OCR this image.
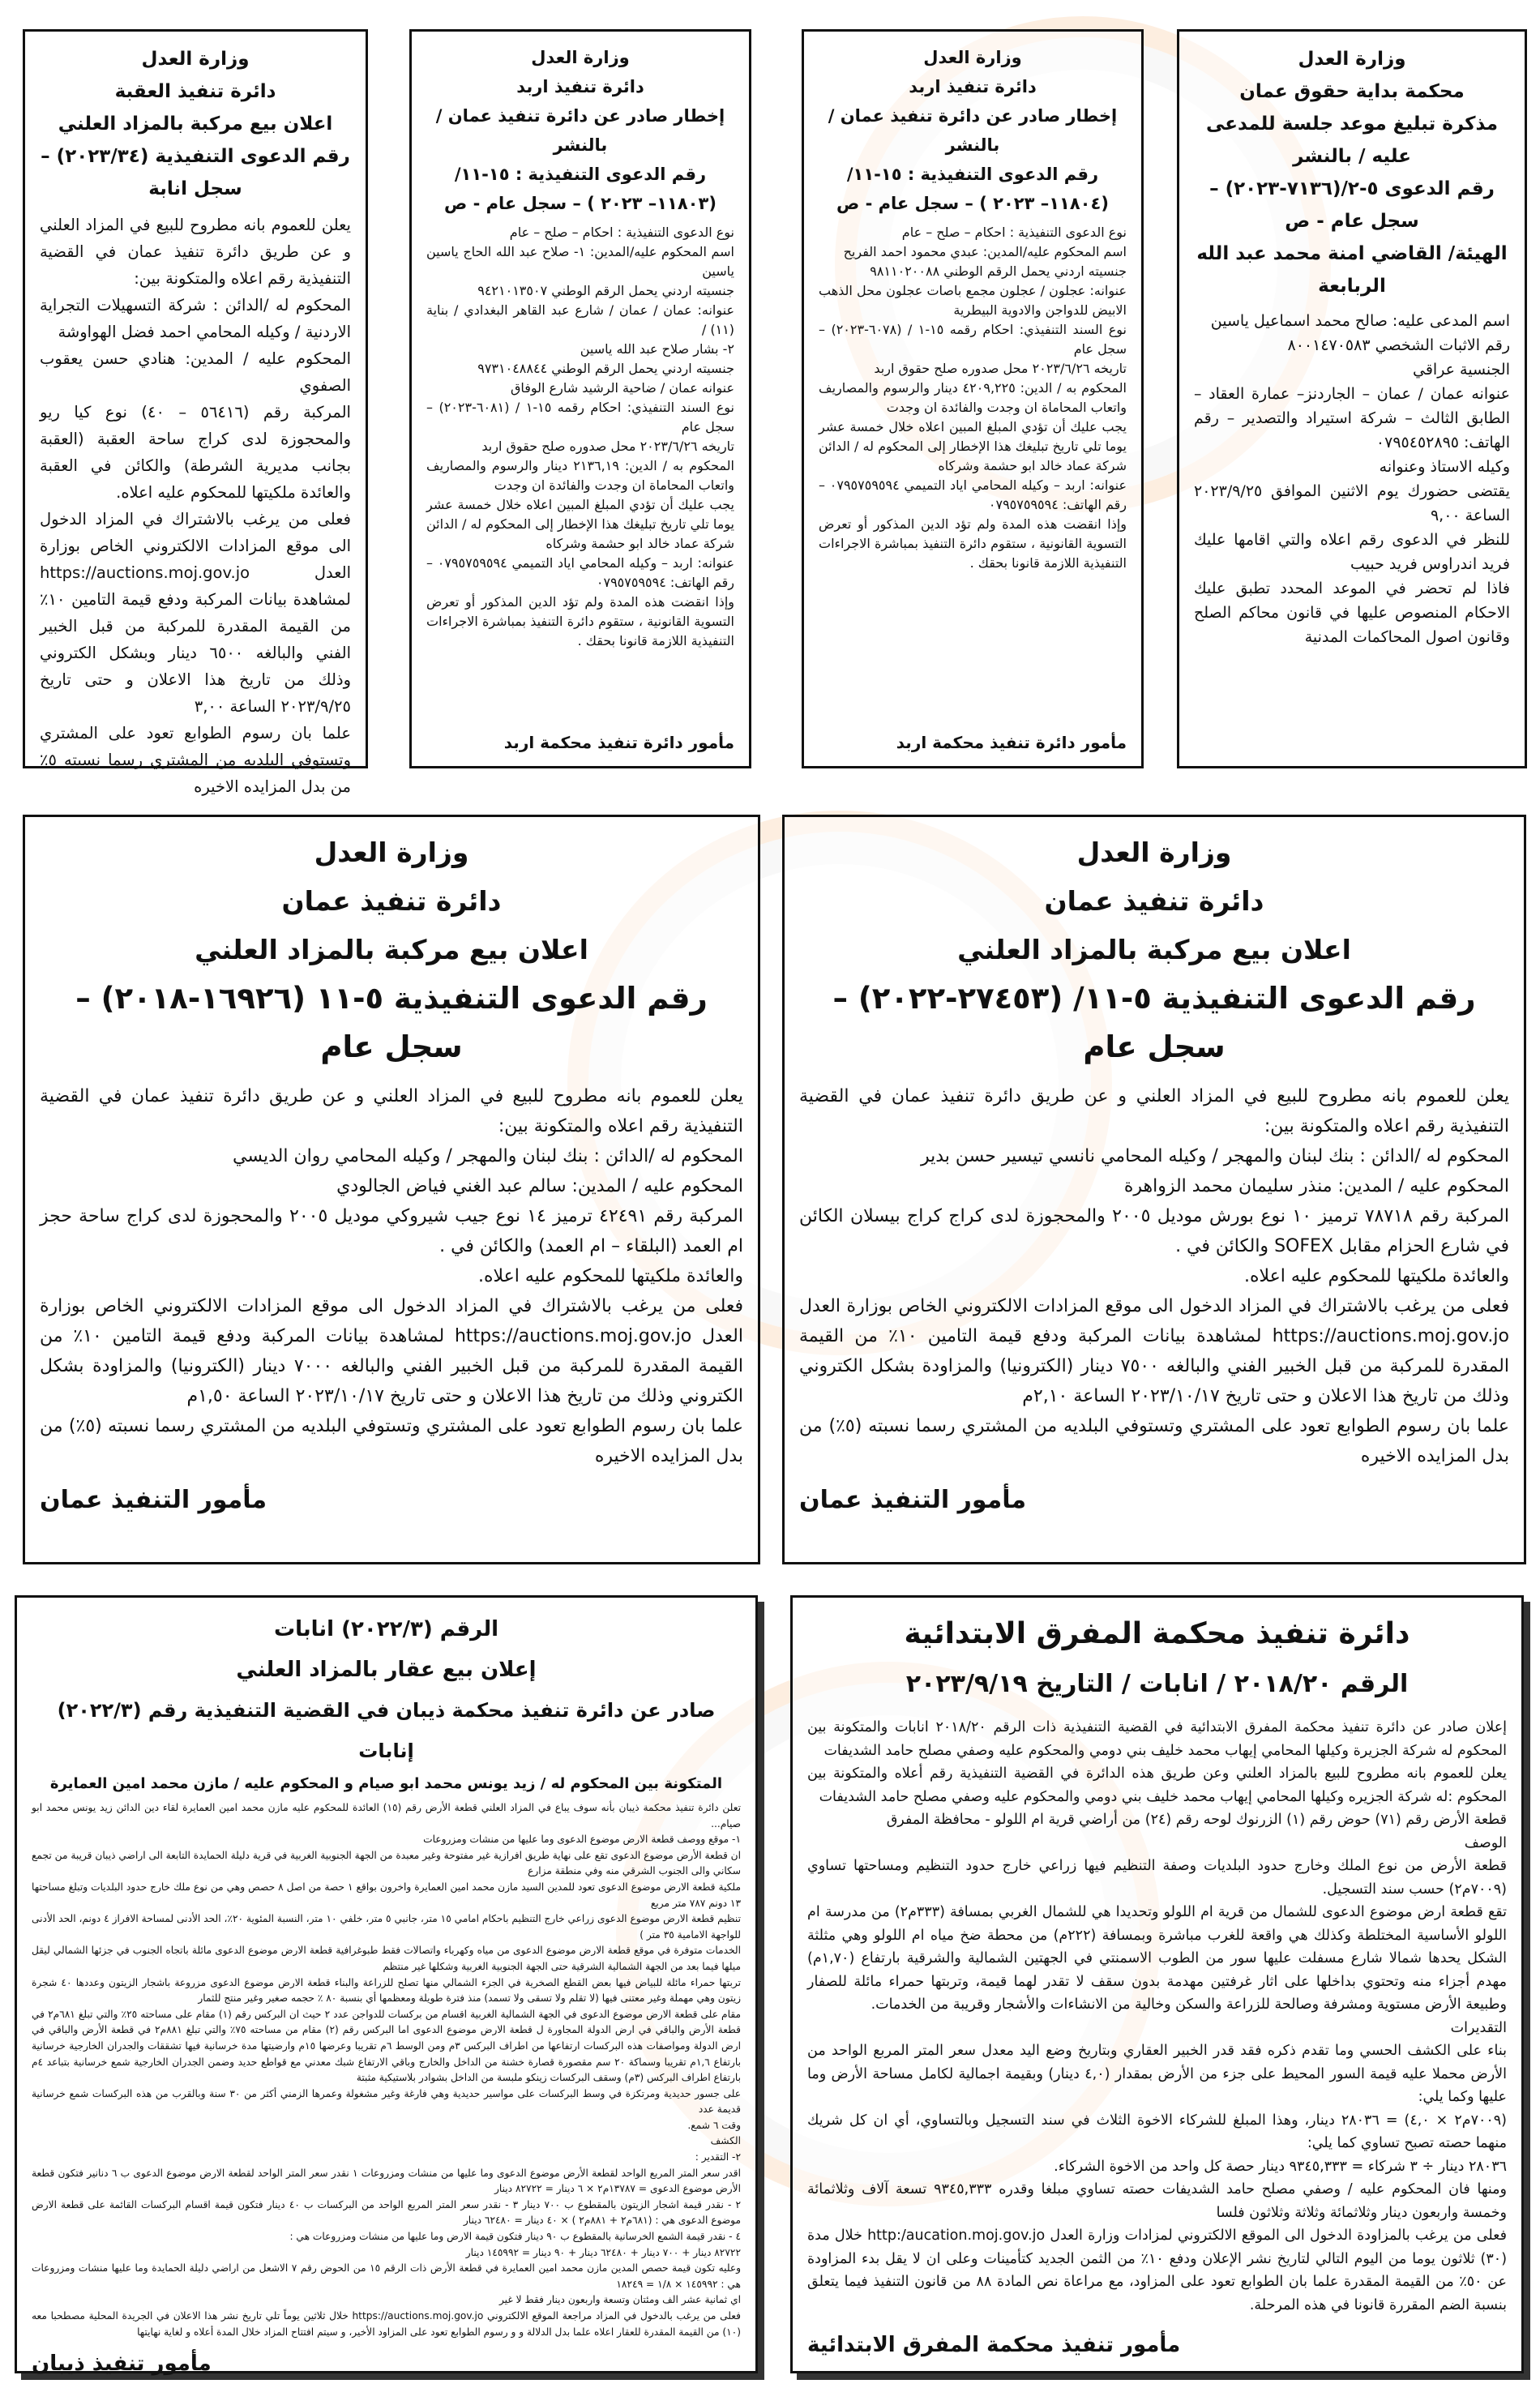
وزارة العدل

محكمة بداية حقوق عمان

مذكرة تبليغ موعد جلسة للمدعى عليه / بالنشر

رقم الدعوى ٥-٢/(٧١٣٦-٢٠٢٣) –

سجل عام - ص

الهيئة/ القاضي امنة محمد عبد الله الربابعة

اسم المدعى عليه: صالح محمد اسماعيل ياسين

رقم الاثبات الشخصي ٨٠٠١٤٧٠٥٨٣

الجنسية عراقي

عنوانه عمان / عمان – الجاردنز– عمارة العقاد – الطابق الثالث – شركة استيراد والتصدير – رقم الهاتف: ٠٧٩٥٤٥٢٨٩٥

وكيله الاستاذ وعنوانه

يقتضى حضورك يوم الاثنين الموافق ٢٠٢٣/٩/٢٥ الساعة ٩,٠٠

للنظر في الدعوى رقم اعلاه والتي اقامها عليك فريد اندراوس فريد حبيب

فاذا لم تحضر في الموعد المحدد تطبق عليك الاحكام المنصوص عليها في قانون محاكم الصلح وقانون اصول المحاكمات المدنية

وزارة العدل

دائرة تنفيذ اربد

إخطار صادر عن دائرة تنفيذ عمان / بالنشر

رقم الدعوى التنفيذية : ١٥-١١/

(١١٨٠٤– ٢٠٢٣ ) – سجل عام - ص

نوع الدعوى التنفيذية : احكام – صلح – عام

اسم المحكوم عليه/المدين: عبدي محمود احمد الفريح

جنسيته اردني يحمل الرقم الوطني ٩٨١١٠٢٠٠٨٨

عنوانه: عجلون / عجلون مجمع باصات عجلون محل الذهب الابيض للدواجن والادوية البيطرية

نوع السند التنفيذي: احكام رقمه ١٥-١ / (٦٠٧٨-٢٠٢٣) – سجل عام

تاريخه ٢٠٢٣/٦/٢٦ محل صدوره صلح حقوق اربد

المحكوم به / الدين: ٤٢٠٩,٢٢٥ دينار والرسوم والمصاريف واتعاب المحاماة ان وجدت والفائدة ان وجدت

يجب عليك أن تؤدي المبلغ المبين اعلاه خلال خمسة عشر يوما تلي تاريخ تبليغك هذا الإخطار إلى المحكوم له / الدائن شركة عماد خالد ابو حشمة وشركاه

عنوانه: اربد – وكيله المحامي اياد التميمي ٠٧٩٥٧٥٩٥٩٤ – رقم الهاتف: ٠٧٩٥٧٥٩٥٩٤

وإذا انقضت هذه المدة ولم تؤد الدين المذكور أو تعرض التسوية القانونية ، ستقوم دائرة التنفيذ بمباشرة الاجراءات التنفيذية اللازمة قانونا بحقك .

مأمور دائرة تنفيذ محكمة اربد

وزارة العدل

دائرة تنفيذ اربد

إخطار صادر عن دائرة تنفيذ عمان / بالنشر

رقم الدعوى التنفيذية : ١٥-١١/

(١١٨٠٣– ٢٠٢٣ ) – سجل عام - ص

نوع الدعوى التنفيذية : احكام – صلح – عام

اسم المحكوم عليه/المدين: ١- صلاح عبد الله الحاج ياسين ياسين

جنسيته اردني يحمل الرقم الوطني ٩٤٢١٠١٣٥٠٧

عنوانه: عمان / عمان / شارع عبد القاهر البغدادي / بناية (١١) /

٢- بشار صلاح عبد الله ياسين

جنسيته اردني يحمل الرقم الوطني ٩٧٣١٠٤٨٨٤٤

عنوانه عمان / ضاحية الرشيد شارع الوفاق

نوع السند التنفيذي: احكام رقمه ١٥-١ / (٦٠٨١-٢٠٢٣) – سجل عام

تاريخه ٢٠٢٣/٦/٢٦ محل صدوره صلح حقوق اربد

المحكوم به / الدين: ٢١٣٦,١٩ دينار والرسوم والمصاريف واتعاب المحاماة ان وجدت والفائدة ان وجدت

يجب عليك أن تؤدي المبلغ المبين اعلاه خلال خمسة عشر يوما تلي تاريخ تبليغك هذا الإخطار إلى المحكوم له / الدائن شركة عماد خالد ابو حشمة وشركاه

عنوانه: اربد – وكيله المحامي اياد التميمي ٠٧٩٥٧٥٩٥٩٤ – رقم الهاتف: ٠٧٩٥٧٥٩٥٩٤

وإذا انقضت هذه المدة ولم تؤد الدين المذكور أو تعرض التسوية القانونية ، ستقوم دائرة التنفيذ بمباشرة الاجراءات التنفيذية اللازمة قانونا بحقك .

مأمور دائرة تنفيذ محكمة اربد

وزارة العدل

دائرة تنفيذ العقبة

اعلان بيع مركبة بالمزاد العلني

رقم الدعوى التنفيذية (٢٠٢٣/٣٤) –

سجل انابة

يعلن للعموم بانه مطروح للبيع في المزاد العلني و عن طريق دائرة تنفيذ عمان في القضية التنفيذية رقم اعلاه والمتكونة بين:

المحكوم له /الدائن : شركة التسهيلات التجراية الاردنية / وكيله المحامي احمد فضل الهواوشة

المحكوم عليه / المدين: هنادي حسن يعقوب الصفوي

المركبة رقم (٥٦٤١٦ – ٤٠) نوع كيا ريو والمحجوزة لدى كراج ساحة العقبة (العقبة بجانب مديرية الشرطة) والكائن في العقبة والعائدة ملكيتها للمحكوم عليه اعلاه.

فعلى من يرغب بالاشتراك في المزاد الدخول الى موقع المزادات الالكتروني الخاص بوزارة العدل https://auctions.moj.gov.jo لمشاهدة بيانات المركبة ودفع قيمة التامين ١٠٪ من القيمة المقدرة للمركبة من قبل الخبير الفني والبالغه ٦٥٠٠ دينار وبشكل الكتروني وذلك من تاريخ هذا الاعلان و حتى تاريخ ٢٠٢٣/٩/٢٥ الساعة ٣,٠٠

علما بان رسوم الطوابع تعود على المشتري وتستوفي البلديه من المشتري رسما نسبته ٥٪ من بدل المزايده الاخيره

وزارة العدل

دائرة تنفيذ عمان

اعلان بيع مركبة بالمزاد العلني

رقم الدعوى التنفيذية ٥-١١/ (٢٧٤٥٣-٢٠٢٢) – سجل عام

يعلن للعموم بانه مطروح للبيع في المزاد العلني و عن طريق دائرة تنفيذ عمان في القضية التنفيذية رقم اعلاه والمتكونة بين:

المحكوم له /الدائن : بنك لبنان والمهجر / وكيله المحامي نانسي تيسير حسن بدير

المحكوم عليه / المدين: منذر سليمان محمد الزواهرة

المركبة رقم ٧٨٧١٨ ترميز ١٠ نوع بورش موديل ٢٠٠٥ والمحجوزة لدى كراج كراج بيسلان الكائن في شارع الحزام مقابل SOFEX والكائن في .

والعائدة ملكيتها للمحكوم عليه اعلاه.

فعلى من يرغب بالاشتراك في المزاد الدخول الى موقع المزادات الالكتروني الخاص بوزارة العدل https://auctions.moj.gov.jo لمشاهدة بيانات المركبة ودفع قيمة التامين ١٠٪ من القيمة المقدرة للمركبة من قبل الخبير الفني والبالغه ٧٥٠٠ دينار (الكترونيا) والمزاودة بشكل الكتروني وذلك من تاريخ هذا الاعلان و حتى تاريخ ٢٠٢٣/١٠/١٧ الساعة ٢,١٠م

علما بان رسوم الطوابع تعود على المشتري وتستوفي البلديه من المشتري رسما نسبته (٥٪) من بدل المزايده الاخيره

مأمور التنفيذ عمان

وزارة العدل

دائرة تنفيذ عمان

اعلان بيع مركبة بالمزاد العلني

رقم الدعوى التنفيذية ٥-١١ (١٦٩٢٦-٢٠١٨) – سجل عام

يعلن للعموم بانه مطروح للبيع في المزاد العلني و عن طريق دائرة تنفيذ عمان في القضية التنفيذية رقم اعلاه والمتكونة بين:

المحكوم له /الدائن : بنك لبنان والمهجر / وكيله المحامي روان الديسي

المحكوم عليه / المدين: سالم عبد الغني فياض الجالودي

المركبة رقم ٤٢٤٩١ ترميز ١٤ نوع جيب شيروكي موديل ٢٠٠٥ والمحجوزة لدى كراج ساحة حجز ام العمد (البلقاء – ام العمد) والكائن في .

والعائدة ملكيتها للمحكوم عليه اعلاه.

فعلى من يرغب بالاشتراك في المزاد الدخول الى موقع المزادات الالكتروني الخاص بوزارة العدل https://auctions.moj.gov.jo لمشاهدة بيانات المركبة ودفع قيمة التامين ١٠٪ من القيمة المقدرة للمركبة من قبل الخبير الفني والبالغه ٧٠٠٠ دينار (الكترونيا) والمزاودة بشكل الكتروني وذلك من تاريخ هذا الاعلان و حتى تاريخ ٢٠٢٣/١٠/١٧ الساعة ١,٥٠م

علما بان رسوم الطوابع تعود على المشتري وتستوفي البلديه من المشتري رسما نسبته (٥٪) من بدل المزايده الاخيره

مأمور التنفيذ عمان

دائرة تنفيذ محكمة المفرق الابتدائية

الرقم ٢٠١٨/٢٠ / انابات / التاريخ ٢٠٢٣/٩/١٩

إعلان صادر عن دائرة تنفيذ محكمة المفرق الابتدائية في القضية التنفيذية ذات الرقم ٢٠١٨/٢٠ انابات والمتكونة بين المحكوم له شركة الجزيرة وكيلها المحامي إيهاب محمد خليف بني دومي والمحكوم عليه وصفي مصلح حامد الشديفات

يعلن للعموم بانه مطروح للبيع بالمزاد العلني وعن طريق هذه الدائرة في القضية التنفيذية رقم أعلاه والمتكونة بين المحكوم :له شركة الجزيره وكيلها المحامي إيهاب محمد خليف بني دومي والمحكوم عليه وصفي مصلح حامد الشديفات

قطعة الأرض رقم (٧١) حوض رقم (١) الزرنوك لوحه رقم (٢٤) من أراضي قرية ام اللولو - محافظة المفرق

الوصف

قطعة الأرض من نوع الملك وخارج حدود البلديات وصفة التنظيم فيها زراعي خارج حدود التنظيم ومساحتها تساوي (٧٠٠٩م٢) حسب سند التسجيل.

تقع قطعة ارض موضوع الدعوى للشمال من قرية ام اللولو وتحديدا هي للشمال الغربي بمسافة (٣٣٣م٢) من مدرسة ام اللولو الأساسية المختلطة وكذلك هي واقعة للغرب مباشرة وبمسافة (٢٢٢م) من محطة ضخ مياه ام اللولو وهي مثلثة الشكل يحدها شمالا شارع مسفلت عليها سور من الطوب الاسمنتي في الجهتين الشمالية والشرقية بارتفاع (١,٧٠م) مهدم أجزاء منه وتحتوي بداخلها على اثار غرفتين مهدمة بدون سقف لا تقدر لهما قيمة، وتربتها حمراء مائلة للصفار وطبيعة الأرض مستوية ومشرفة وصالحة للزراعة والسكن وخالية من الانشاءات والأشجار وقريبة من الخدمات.

التقديرات

بناء على الكشف الحسي وما تقدم ذكره فقد قدر الخبير العقاري وبتاريخ وضع اليد معدل سعر المتر المربع الواحد من الأرض محملا عليه قيمة السور المحيط على جزء من الأرض بمقدار (٤,٠ دينار) وبقيمة اجمالية لكامل مساحة الأرض وما عليها وكما يلي:

(٧٠٠٩م٢ × ٤,٠) = ٢٨٠٣٦ دينار، وهذا المبلغ للشركاء الاخوة الثلاث في سند التسجيل وبالتساوي، أي ان كل شريك منهما حصته تصبح تساوي كما يلي:

٢٨٠٣٦ دينار ÷ ٣ شركاء = ٩٣٤٥,٣٣٣ دينار حصة كل واحد من الاخوة الشركاء.

ومنها فان المحكوم عليه / وصفي مصلح حامد الشديفات حصته تساوي مبلغا وقدره ٩٣٤٥,٣٣٣ تسعة آلاف وثلاثمائة وخمسة واربعون دينار وثلاثمائة وثلاثة وثلاثون فلسا

فعلى من يرغب بالمزاودة الدخول الى الموقع الالكتروني لمزادات وزارة العدل http:/aucation.moj.gov.jo خلال مدة (٣٠) ثلاثون يوما من اليوم التالي لتاريخ نشر الإعلان ودفع ١٠٪ من الثمن الجديد كتأمينات وعلى ان لا يقل بدء المزاودة عن ٥٠٪ من القيمة المقدرة علما بان الطوابع تعود على المزاود، مع مراعاة نص المادة ٨٨ من قانون التنفيذ فيما يتعلق بنسبة الضم المقررة قانونا في هذه المرحلة.

مأمور تنفيذ محكمة المفرق الابتدائية

الرقم (٢٠٢٢/٣) انابات

إعلان بيع عقار بالمزاد العلني

صادر عن دائرة تنفيذ محكمة ذيبان في القضية التنفيذية رقم (٢٠٢٢/٣) إنابات

المتكونة بين المحكوم له / زيد يونس محمد ابو صيام و المحكوم عليه / مازن محمد امين العمايرة

تعلن دائرة تنفيذ محكمة ذيبان بأنه سوف يباع في المزاد العلني قطعة الأرض رقم (١٥) العائدة للمحكوم عليه مازن محمد امين العمايرة لقاء دين الدائن زيد يونس محمد ابو صيام...

١- موقع ووصف قطعة الارض موضوع الدعوى وما عليها من منشات ومزروعات

ان قطعة الأرض موضوع الدعوى تقع على نهاية طريق افرازية غير مفتوحة وغير معبدة من الجهة الجنوبية الغربية في قرية دليلة الحمايدة التابعة الى اراضي ذيبان قريبة من تجمع سكاني والى الجنوب الشرقي منه وفي منطقة مزارع

ملكية قطعة الارض موضوع الدعوى تعود للمدين السيد مازن محمد امين العمايرة واخرون بواقع ١ حصة من اصل ٨ حصص وهي من نوع ملك خارج حدود البلديات وتبلغ مساحتها ١٣ دونم ٧٨٧ متر مربع

تنظيم قطعة الارض موضوع الدعوى زراعي خارج التنظيم باحكام امامي ١٥ متر، جانبي ٥ متر، خلفي ١٠ متر، النسبة المئوية ٢٠٪، الحد الأدنى لمساحة الافراز ٤ دونم، الحد الأدنى للواجهة الامامية ٣٥ متر )

الخدمات متوفرة في موقع قطعة الارض موضوع الدعوى من مياه وكهرباء واتصالات فقط طبوغرافية قطعة الارض موضوع الدعوى مائلة باتجاه الجنوب في جزئها الشمالي ليقل ميلها فيما بعد من الجهة الشمالية الشرقية حتى الجهة الجنوبية الغربية وشكلها غير منتظم

تربتها حمراء مائلة للبياض فيها بعض القطع الصخرية في الجزء الشمالي منها تصلح للزراعة والبناء قطعة الارض موضوع الدعوى مزروعة باشجار الزيتون وعددها ٤٠ شجرة زيتون وهي مهملة وغير معتنى فيها (لا تقلم ولا تسقى ولا تسمد) منذ فترة طويلة ومعظمها أي بنسبة ٨٠ ٪ حجمه صغير وغير منتج للثمار

مقام على قطعة الارض موضوع الدعوى في الجهة الشمالية الغربية اقسام من بركسات للدواجن عدد ٢ حيث ان البركس رقم (١) مقام على مساحته ٢٥٪ والتي تبلغ ٦٨١م٢ في قطعة الأرض والباقي في ارض الدولة المجاورة ل قطعة الارض موضوع الدعوى اما البركس رقم (٢) مقام من مساحته ٧٥٪ والتي تبلغ ٨٨١م٢ في قطعة الأرض والباقي في ارض الدولة ومواصفات هذه البركسات ارتفاعها من اطراف البركس ٣م ومن الوسط ٦م تقريبا وعرضها ١٥م وارضيتها مدة خرسانية فيها تشققات والجدران الخارجية خرسانية بارتفاع ١,٦م تقريبا وسماكة ٢٠ سم مقصورة قصارة خشنة من الداخل والخارج وباقي الارتفاع شبك معدني مع قواطع حديد وضمن الجدران الخارجية شمع خرسانية بتباعد ٤م بارتفاع اطراف البركس (٣م) وسقف البركسات زينكو ملبسة من الداخل بشوادر بلاستيكية مثبتة

على جسور حديدية ومرتكزة في وسط البركسات على مواسير حديدية وهي فارغة وغير مشغولة وعمرها الزمني أكثر من ٣٠ سنة وبالقرب من هذه البركسات شمع خرسانية قديمة عدد

وقت ٦ شمع.

الكشف

٢- التقدير :

اقدر سعر المتر المربع الواحد لقطعة الأرض موضوع الدعوى وما عليها من منشات ومزروعات ١ نقدر سعر المتر الواحد لقطعة الارض موضوع الدعوى ب ٦ دنانير فتكون قطعة الأرض موضوع الدعوى = ١٣٧٨٧م٢ × ٦ دينار = ٨٢٧٢٢ دينار

٢ - نقدر قيمة اشجار الزيتون بالمقطوع ب ٧٠٠ دينار ٣ - نقدر سعر المتر المربع الواحد من البركسات ب ٤٠ دينار فتكون قيمة اقسام البركسات القائمة على قطعة الارض موضوع الدعوى هي : (٦٨١م٢ + ٨٨١م٢ ) × ٤٠ دينار = ٦٢٤٨٠ دينار

٤ - نقدر قيمة الشمع الخرسانية بالمقطوع ب ٩٠ دينار فتكون قيمة الارض وما عليها من منشات ومزروعات هي :

٨٢٧٢٢ دينار + ٧٠٠ دينار + ٦٢٤٨٠ دينار + ٩٠ دينار = ١٤٥٩٩٢ دينار

وعليه تكون قيمة حصص المدين مازن محمد امين العمايرة في قطعة الأرض ذات الرقم ١٥ من الحوض رقم ٧ الاشعل من اراضي دليلة الحمايدة وما عليها منشات ومزروعات هي : ١٤٥٩٩٢ × ١/٨ = ١٨٢٤٩

اي ثمانية عشر الف ومئتان وتسعة واربعون دينار فقط لا غير

فعلى من يرغب بالدخول في المزاد مراجعة الموقع الالكتروني https://auctions.moj.gov.jo خلال ثلاثين يوماً تلي تاريخ نشر هذا الاعلان في الجريدة المحلية مصطحبا معه (١٠) من القيمة المقدرة للعقار اعلاه علما بدل الدلالة و و رسوم الطوابع تعود على المزاود الأخير، و سيتم افتتاح المزاد خلال المدة أعلاه و لغاية نهايتها

مأمور تنفيذ ذيبان
